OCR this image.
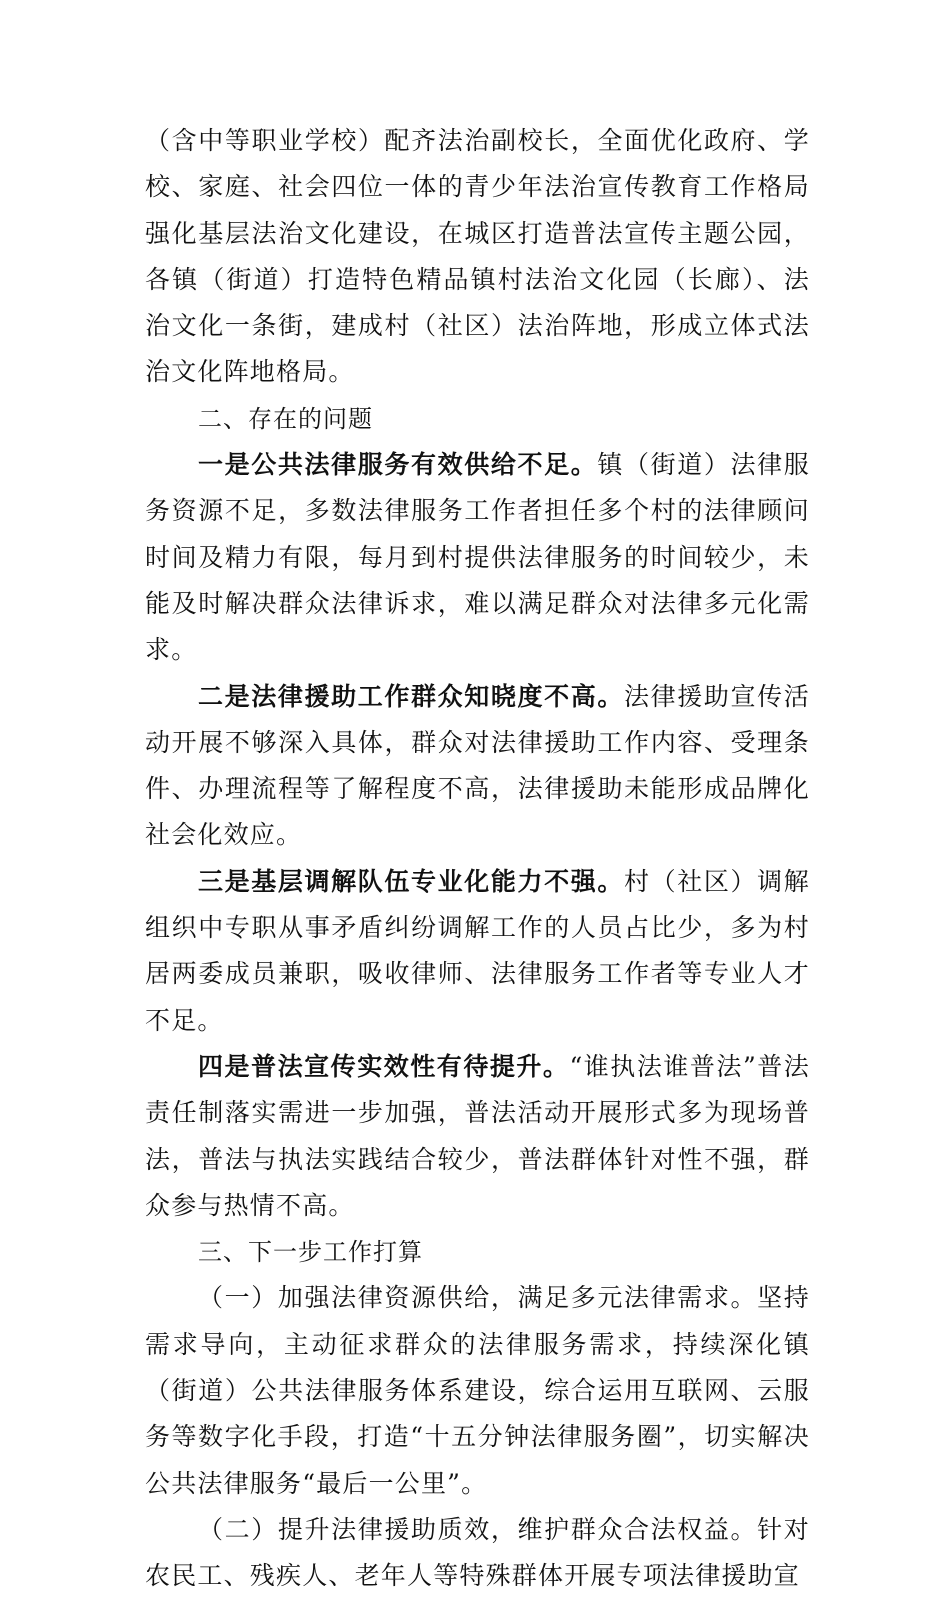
（含中等职业学校）配齐法治副校长，全面优化政府、学校、家庭、社会四位一体的青少年法治宣传教育工作格局强化基层法治文化建设，在城区打造普法宣传主题公园，各镇（街道）打造特色精品镇村法治文化园（长廊）、法治文化一条街，建成村（社区）法治阵地，形成立体式法治文化阵地格局。

二、存在的问题

一是公共法律服务有效供给不足。镇（街道）法律服务资源不足，多数法律服务工作者担任多个村的法律顾问时间及精力有限，每月到村提供法律服务的时间较少，未能及时解决群众法律诉求，难以满足群众对法律多元化需求。

二是法律援助工作群众知晓度不高。法律援助宣传活动开展不够深入具体，群众对法律援助工作内容、受理条件、办理流程等了解程度不高，法律援助未能形成品牌化社会化效应。

三是基层调解队伍专业化能力不强。村（社区）调解组织中专职从事矛盾纠纷调解工作的人员占比少，多为村居两委成员兼职，吸收律师、法律服务工作者等专业人才不足。

四是普法宣传实效性有待提升。“谁执法谁普法”普法责任制落实需进一步加强，普法活动开展形式多为现场普法，普法与执法实践结合较少，普法群体针对性不强，群众参与热情不高。

三、下一步工作打算

（一）加强法律资源供给，满足多元法律需求。坚持需求导向，主动征求群众的法律服务需求，持续深化镇（街道）公共法律服务体系建设，综合运用互联网、云服务等数字化手段，打造“十五分钟法律服务圈”，切实解决公共法律服务“最后一公里”。

（二）提升法律援助质效，维护群众合法权益。针对农民工、残疾人、老年人等特殊群体开展专项法律援助宣
